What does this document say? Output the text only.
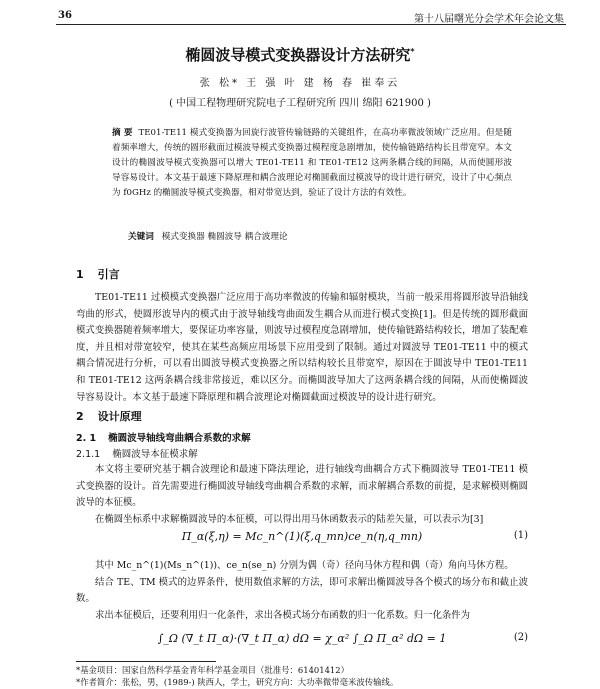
36	第十八届曙光分会学术年会论文集
椭圆波导模式变换器设计方法研究*
张 松* 王 强 叶 建 杨 春 崔奉云
( 中国工程物理研究院电子工程研究所 四川 绵阳 621900 )

摘 要 TE01-TE11 模式变换器为回旋行波管传输链路的关键组件，在高功率微波领域广泛应用。但是随着频率增大，传统的圆形截面过模波导模式变换器过模程度急剧增加，使传输链路结构长且带宽窄。本文设计的椭圆波导模式变换器可以增大 TE01-TE11 和 TE01-TE12 这两条耦合线的间隔，从而使圆形波导容易设计。本文基于最速下降原理和耦合波理论对椭圆截面过模波导的设计进行研究，设计了中心频点为 f0GHz 的椭圆波导模式变换器，相对带宽达到，验证了设计方法的有效性。

关键词 模式变换器 椭圆波导 耦合波理论
1 引言

TE01-TE11 过模模式变换器广泛应用于高功率微波的传输和辐射模块，当前一般采用将圆形波导沿轴线弯曲的形式，使圆形波导内的模式由于波导轴线弯曲面发生耦合从而进行模式变换[1]。但是传统的圆形截面模式变换器随着频率增大，要保证功率容量，则波导过模程度急剧增加，使传输链路结构较长，增加了装配难度，并且相对带宽较窄，使其在某些高频应用场景下应用受到了限制。通过对圆波导 TE01-TE11 中的模式耦合情况进行分析，可以看出圆波导模式变换器之所以结构较长且带宽窄，原因在于圆波导中 TE01-TE11 和 TE01-TE12 这两条耦合线非常接近，难以区分。而椭圆波导加大了这两条耦合线的间隔，从而使椭圆波导容易设计。本文基于最速下降原理和耦合波理论对椭圆截面过模波导的设计进行研究。

2 设计原理
2. 1 椭圆波导轴线弯曲耦合系数的求解
2.1.1 椭圆波导本征模求解

本文将主要研究基于耦合波理论和最速下降法理论，进行轴线弯曲耦合方式下椭圆波导 TE01-TE11 模式变换器的设计。首先需要进行椭圆波导轴线弯曲耦合系数的求解，而求解耦合系数的前提，是求解模则椭圆波导的本征模。

在椭圆坐标系中求解椭圆波导的本征模，可以得出用马休函数表示的陆差矢量，可以表示为[3]

Π_α(ξ,η) = Mc_n^(1)(ξ,q_mn)ce_n(η,q_mn)	(1)

其中 Mc_n^(1)(Ms_n^(1))、ce_n(se_n) 分别为偶（奇）径向马休方程和偶（奇）角向马休方程。

结合 TE、TM 模式的边界条件，使用数值求解的方法，即可求解出椭圆波导各个模式的场分布和截止波数。

求出本征模后，还要利用归一化条件，求出各模式场分布函数的归一化系数。归一化条件为

∫_Ω (∇_t Π_α)·(∇_t Π_α) dΩ = χ_α² ∫_Ω Π_α² dΩ = 1	(2)
*基金项目：国家自然科学基金青年科学基金项目（批准号：61401412）
*作者简介：张松，男，(1989-) 陕西人，学士，研究方向：大功率微带毫米波传输线。
